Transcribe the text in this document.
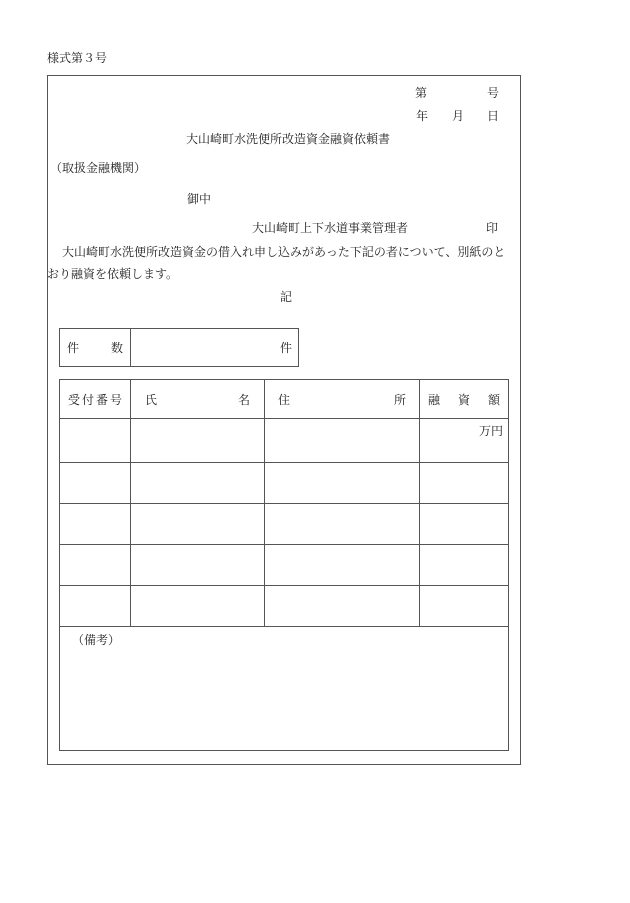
様式第３号
第	号
年 月 日
大山崎町水洗便所改造資金融資依頼書
（取扱金融機関）
御中
大山崎町上下水道事業管理者	印
大山崎町水洗便所改造資金の借入れ申し込みがあった下記の者について、別紙のと
おり融資を依頼します。
記
件	数	件
受付番号	氏 名	住 所	融 資 額

			万円

（備考）
